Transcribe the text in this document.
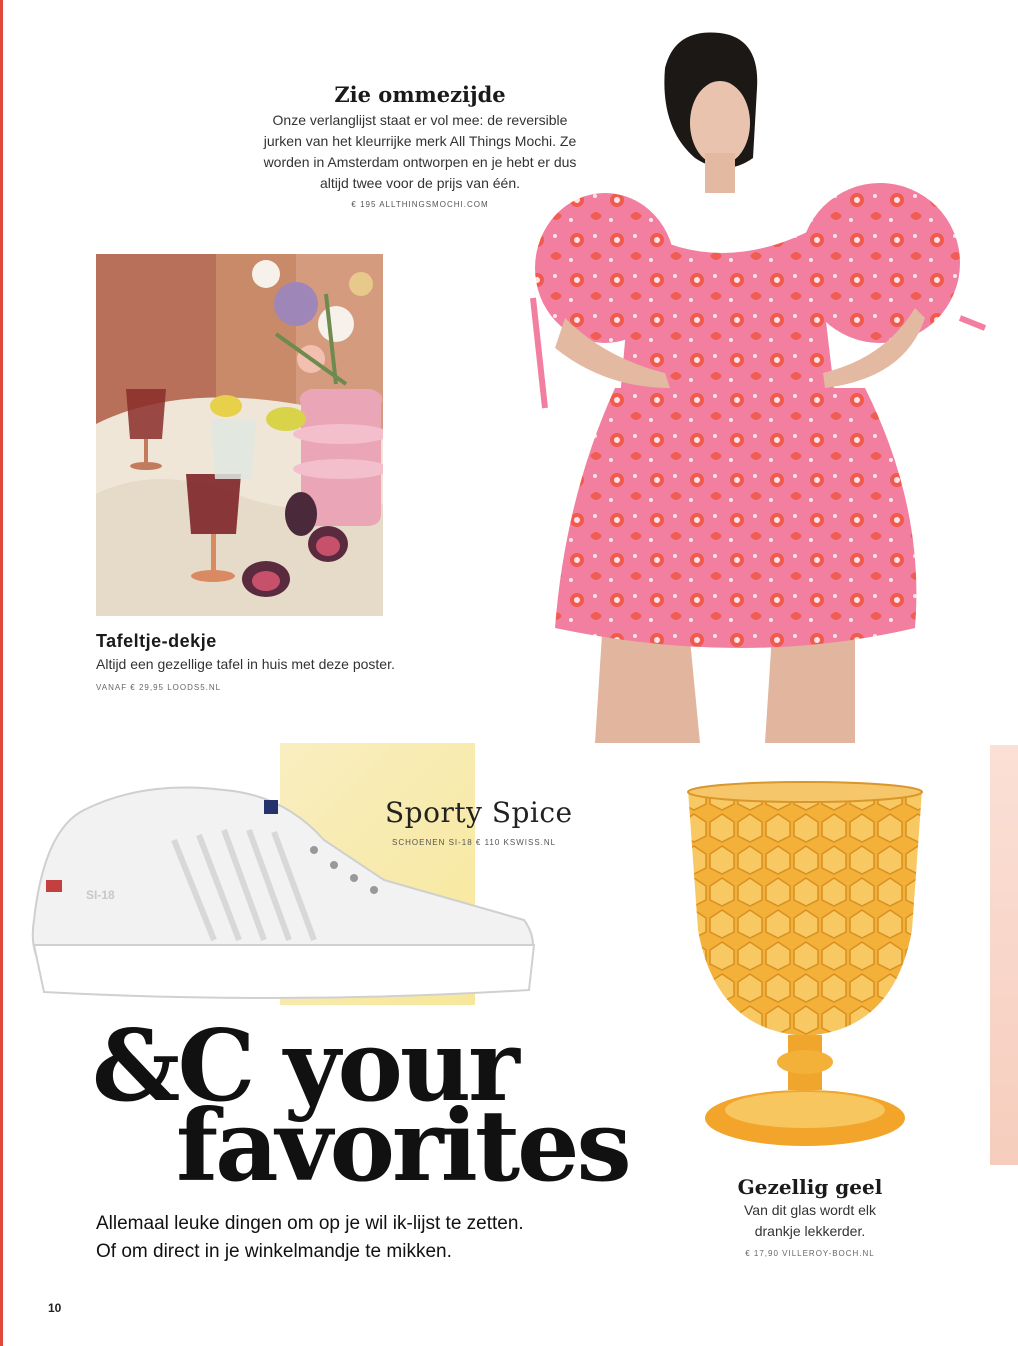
Zie ommezijde
Onze verlanglijst staat er vol mee: de reversible jurken van het kleurrijke merk All Things Mochi. Ze worden in Amsterdam ontworpen en je hebt er dus altijd twee voor de prijs van één.
€ 195 ALLTHINGSMOCHI.COM
Tafeltje-dekje
Altijd een gezellige tafel in huis met deze poster.
VANAF € 29,95 LOODS5.NL
SI-18
Sporty Spice
SCHOENEN SI-18 € 110 KSWISS.NL
&C your
favorites
Allemaal leuke dingen om op je wil ik-lijst te zetten.
Of om direct in je winkelmandje te mikken.
Gezellig geel
Van dit glas wordt elk drankje lekkerder.
€ 17,90 VILLEROY-BOCH.NL
10
